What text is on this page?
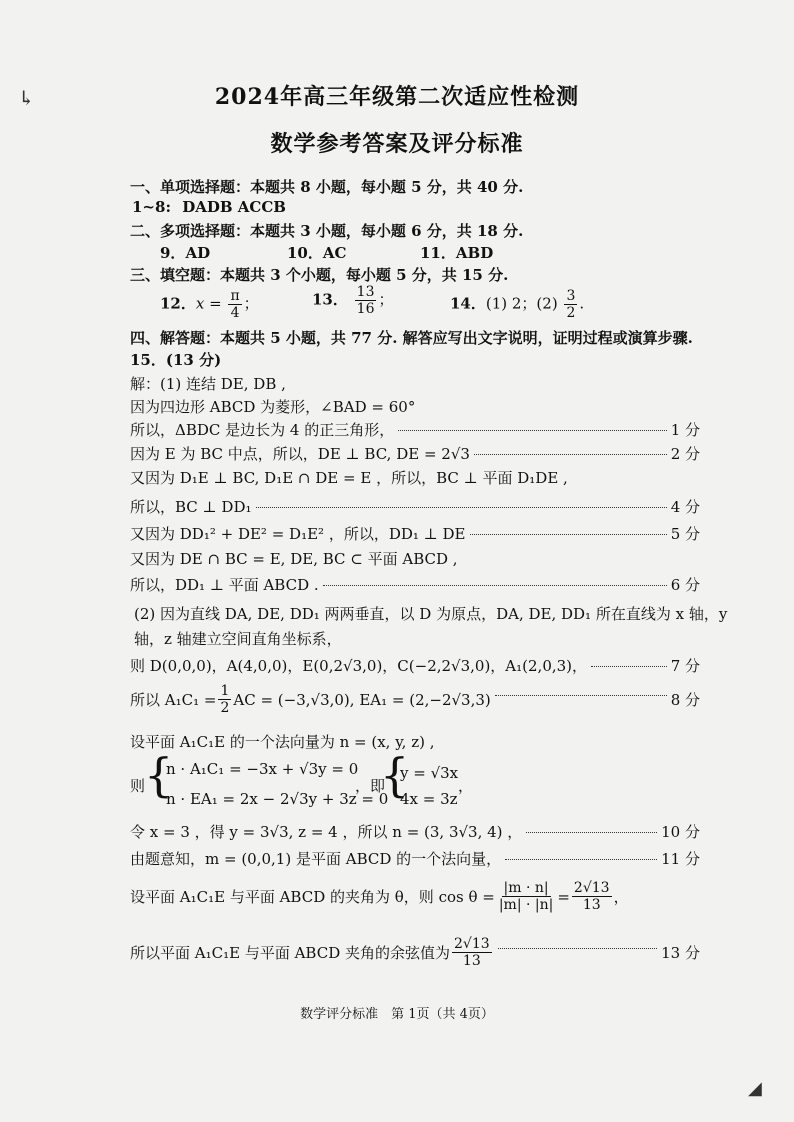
↳
◢
2024年高三年级第二次适应性检测
数学参考答案及评分标准
一、单项选择题：本题共 8 小题，每小题 5 分，共 40 分.
1~8: DADB ACCB
二、多项选择题：本题共 3 小题，每小题 6 分，共 18 分.
9．AD	10．AC	11．ABD
三、填空题：本题共 3 个小题，每小题 5 分，共 15 分.
12．$x = \frac{\pi}{4}$ ；	13． $\frac{13}{16}$ ；	14．(1) 2；$(2) \frac{3}{2}$ .
四、解答题：本题共 5 小题，共 77 分. 解答应写出文字说明，证明过程或演算步骤.
15．(13 分)
解：(1) 连结 DE, DB ,
因为四边形 ABCD 为菱形，∠BAD = 60°
所以，ΔBDC 是边长为 4 的正三角形，	1 分
因为 E 为 BC 中点，所以，DE ⊥ BC, DE = 2√3	2 分
又因为 D₁E ⊥ BC, D₁E ∩ DE = E ，所以，BC ⊥ 平面 D₁DE ,
所以，BC ⊥ DD₁	4 分
又因为 DD₁² + DE² = D₁E² ，所以，DD₁ ⊥ DE	5 分
又因为 DE ∩ BC = E, DE, BC ⊂ 平面 ABCD ,
所以，DD₁ ⊥ 平面 ABCD .	6 分
(2) 因为直线 DA, DE, DD₁ 两两垂直，以 D 为原点，DA, DE, DD₁ 所在直线为 x 轴，y
轴，z 轴建立空间直角坐标系，
则 D(0,0,0)，A(4,0,0)，E(0,2√3,0)，C(−2,2√3,0)，A₁(2,0,3)，	7 分
所以 $A_1C_1 = \frac{1}{2}$ AC = (−3,√3,0), EA₁ = (2,−2√3,3)	8 分
设平面 A₁C₁E 的一个法向量为 n = (x, y, z) ,
则
{
n · A₁C₁ = −3x + √3y = 0
n · EA₁ = 2x − 2√3y + 3z = 0
，即
{
y = √3x
4x = 3z
，
令 x = 3 ，得 y = 3√3, z = 4 ，所以 n = (3, 3√3, 4) ，	10 分
由题意知，m = (0,0,1) 是平面 ABCD 的一个法向量，	11 分
设平面 A₁C₁E 与平面 ABCD 的夹角为 θ，则 $\cos \theta = \frac{|m \cdot n|}{|m| \cdot |n|} = \frac{2√13}{13}$ ，
所以平面 A₁C₁E 与平面 ABCD 夹角的余弦值为 $\frac{2√13}{13}$	13 分
数学评分标准　第 1页（共 4页）
